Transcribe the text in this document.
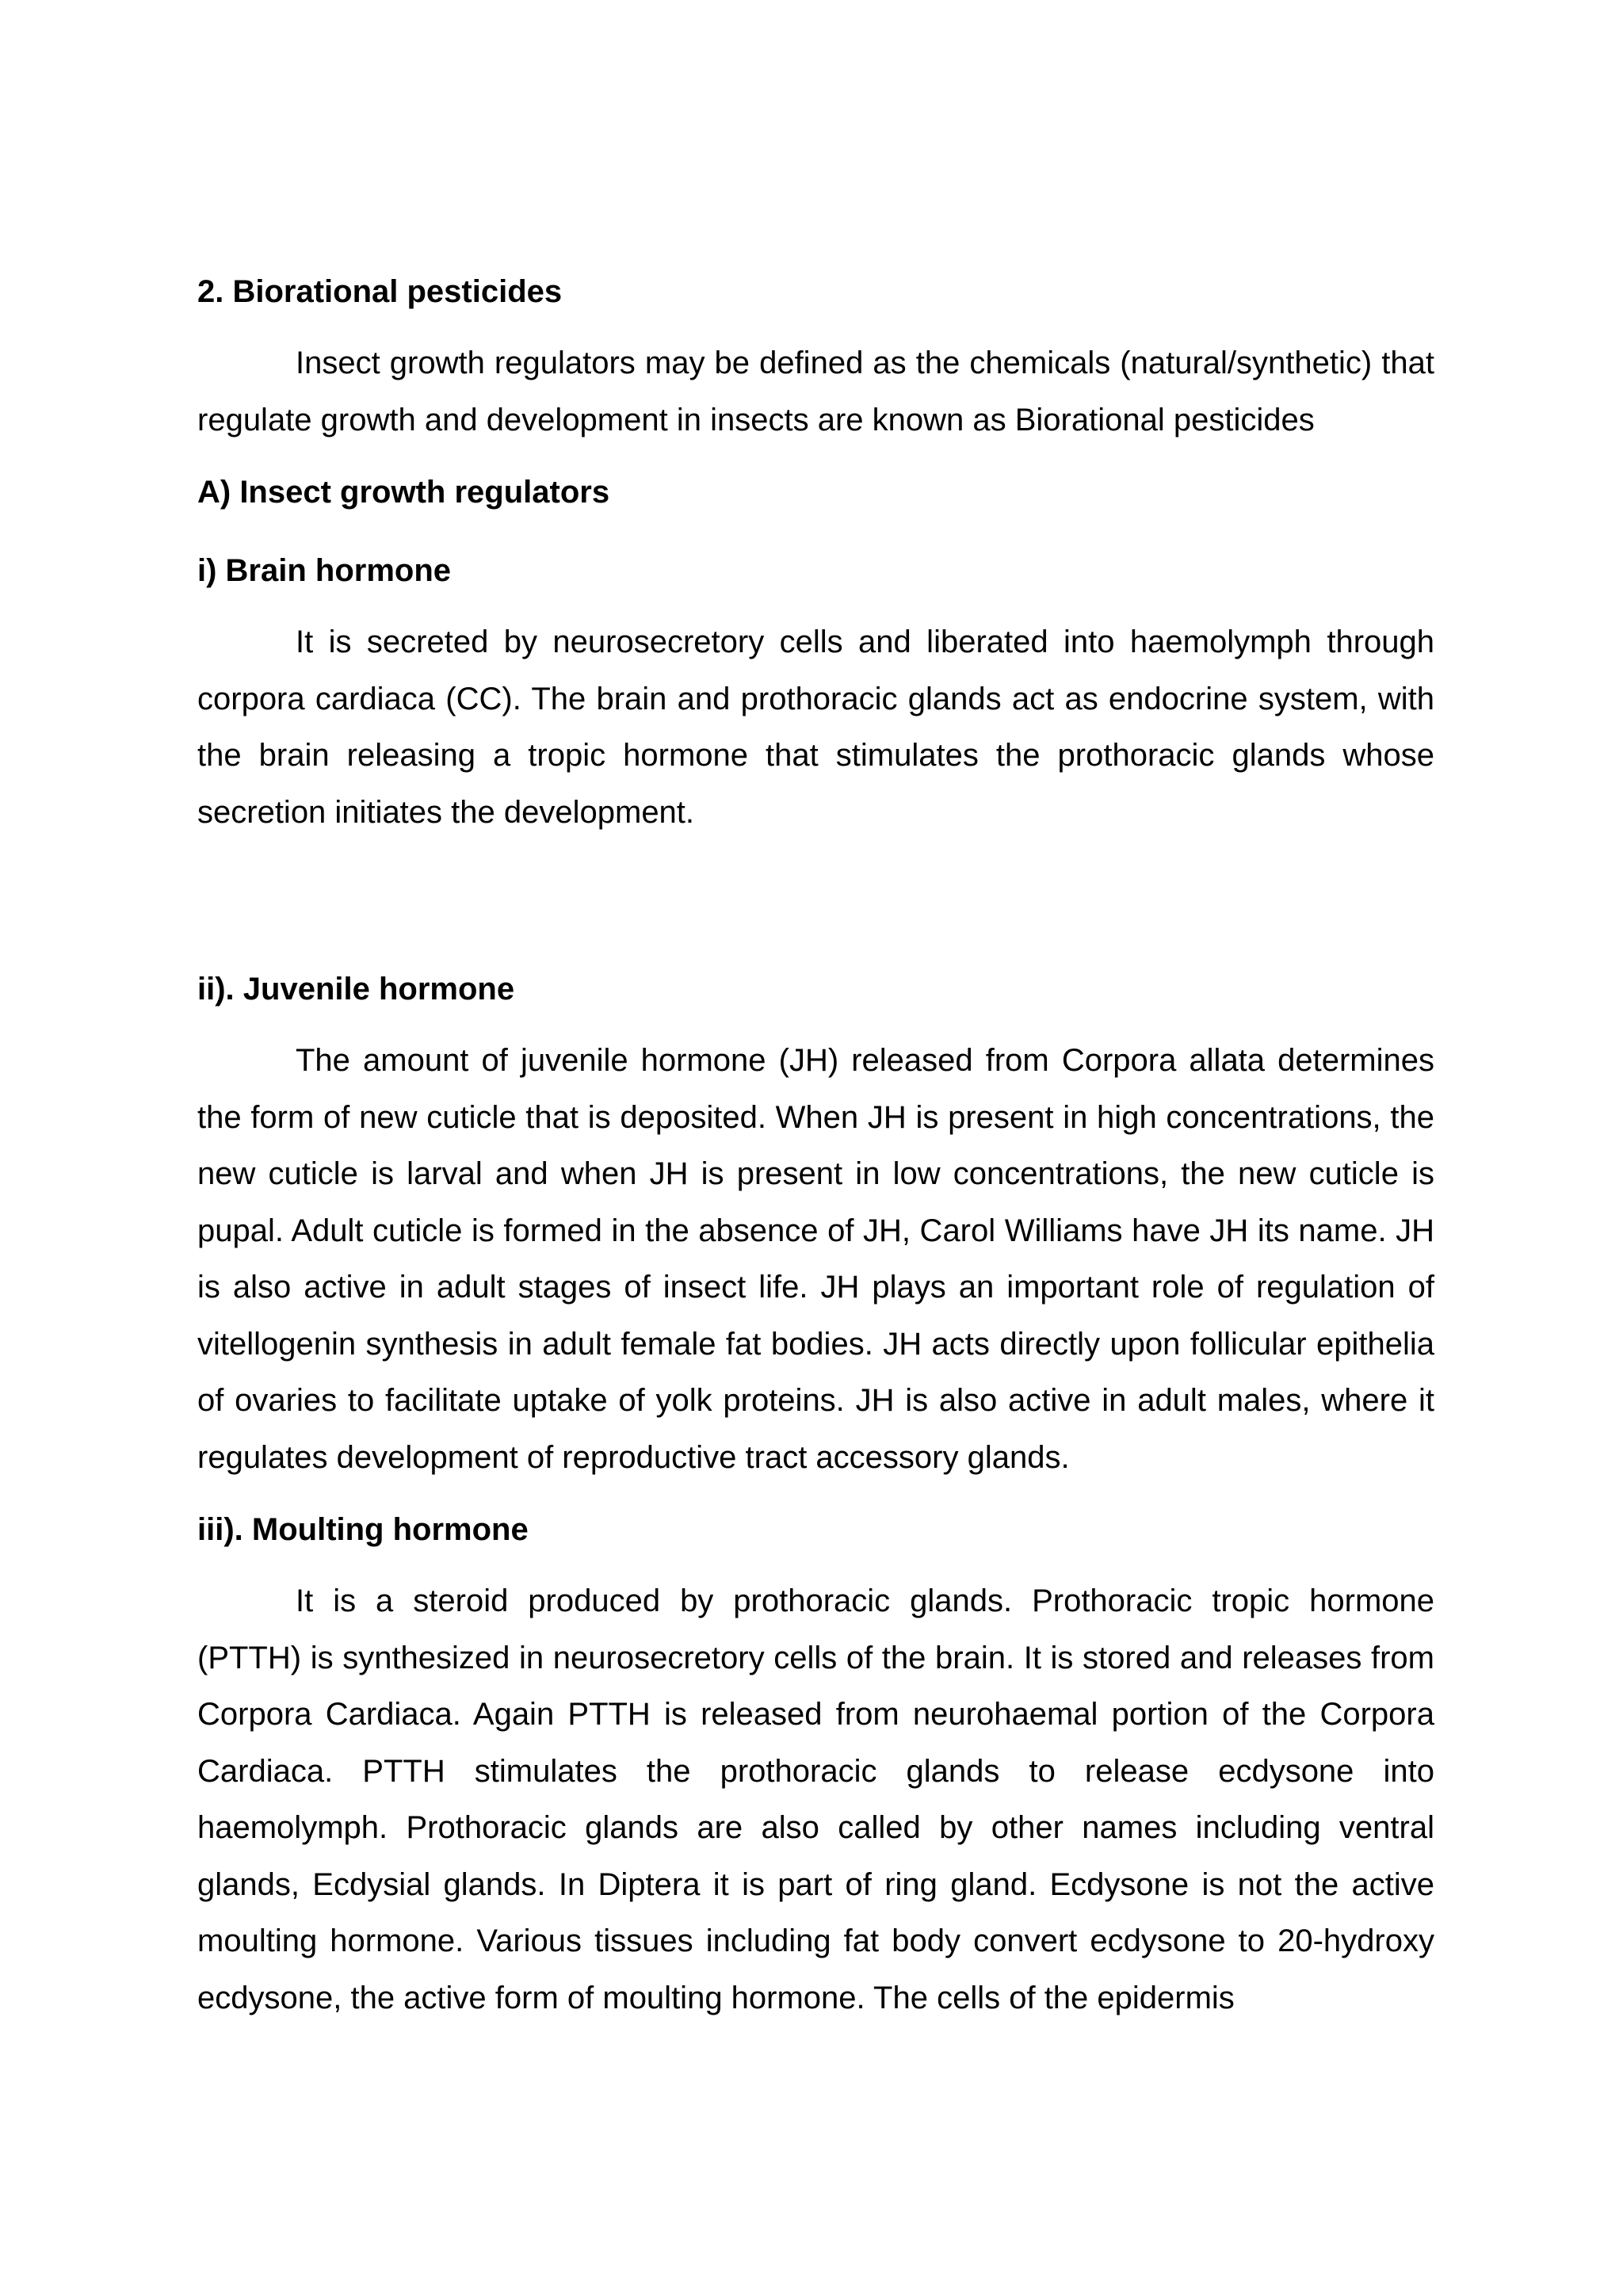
2. Biorational pesticides

Insect growth regulators may be defined as the chemicals (natural/synthetic) that regulate growth and development in insects are known as Biorational pesticides

A) Insect growth regulators
i) Brain hormone

It is secreted by neurosecretory cells and liberated into haemolymph through corpora cardiaca (CC). The brain and prothoracic glands act as endocrine system, with the brain releasing a tropic hormone that stimulates the prothoracic glands whose secretion initiates the development.

ii). Juvenile hormone

The amount of juvenile hormone (JH) released from Corpora allata determines the form of new cuticle that is deposited. When JH is present in high concentrations, the new cuticle is larval and when JH is present in low concentrations, the new cuticle is pupal. Adult cuticle is formed in the absence of JH, Carol Williams have JH its name. JH is also active in adult stages of insect life. JH plays an important role of regulation of vitellogenin synthesis in adult female fat bodies. JH acts directly upon follicular epithelia of ovaries to facilitate uptake of yolk proteins. JH is also active in adult males, where it regulates development of reproductive tract accessory glands.

iii). Moulting hormone

It is a steroid produced by prothoracic glands. Prothoracic tropic hormone (PTTH) is synthesized in neurosecretory cells of the brain. It is stored and releases from Corpora Cardiaca. Again PTTH is released from neurohaemal portion of the Corpora Cardiaca. PTTH stimulates the prothoracic glands to release ecdysone into haemolymph. Prothoracic glands are also called by other names including ventral glands, Ecdysial glands. In Diptera it is part of ring gland. Ecdysone is not the active moulting hormone. Various tissues including fat body convert ecdysone to 20-hydroxy ecdysone, the active form of moulting hormone. The cells of the epidermis
